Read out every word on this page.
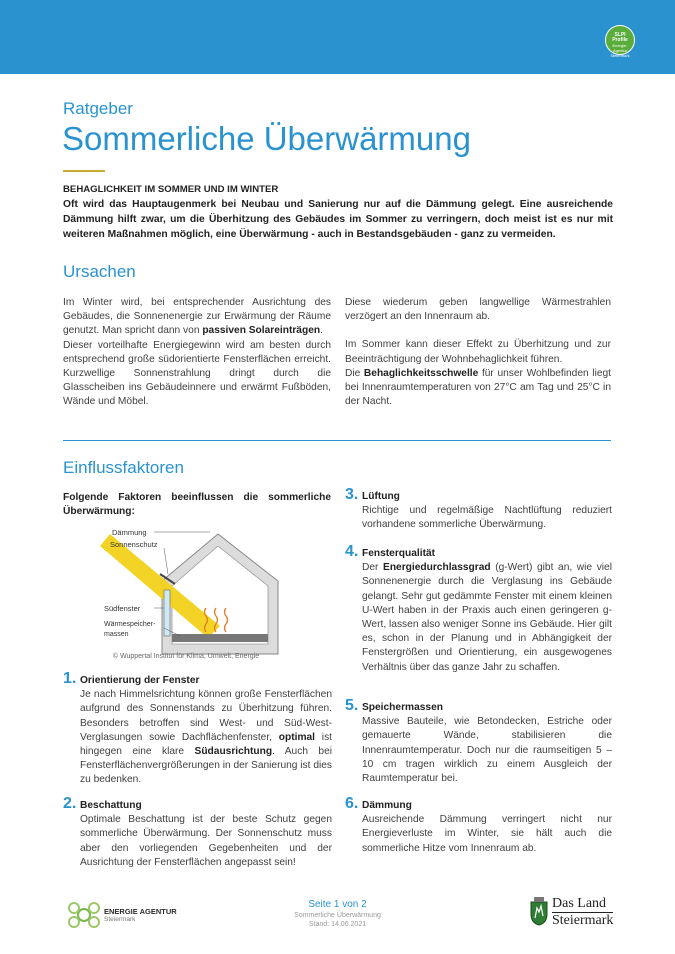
SLPI Profile
Energie-Agentur
Steiermark
Ratgeber
Sommerliche Überwärmung
BEHAGLICHKEIT IM SOMMER UND IM WINTER
Oft wird das Hauptaugenmerk bei Neubau und Sanierung nur auf die Dämmung gelegt. Eine ausreichende Dämmung hilft zwar, um die Überhitzung des Gebäudes im Sommer zu verringern, doch meist ist es nur mit weiteren Maßnahmen möglich, eine Überwärmung - auch in Bestandsgebäuden - ganz zu vermeiden.
Ursachen
Im Winter wird, bei entsprechender Ausrichtung des Gebäudes, die Sonnenenergie zur Erwärmung der Räume genutzt. Man spricht dann von passiven Solareinträgen.
Dieser vorteilhafte Energiegewinn wird am besten durch entsprechend große südorientierte Fensterflächen erreicht. Kurzwellige Sonnenstrahlung dringt durch die Glasscheiben ins Gebäudeinnere und erwärmt Fußböden, Wände und Möbel.
Diese wiederum geben langwellige Wärmestrahlen verzögert an den Innenraum ab.
Im Sommer kann dieser Effekt zu Überhitzung und zur Beeinträchtigung der Wohnbehaglichkeit führen.
Die Behaglichkeitsschwelle für unser Wohlbefinden liegt bei Innenraumtemperaturen von 27°C am Tag und 25°C in der Nacht.
Einflussfaktoren
Folgende Faktoren beeinflussen die sommerliche Überwärmung:
Dämmung
Sonnenschutz
Südfenster
Wärmespeicher-
massen
© Wuppertal Institut für Klima, Umwelt, Energie
1. Orientierung der Fenster
Je nach Himmelsrichtung können große Fensterflächen aufgrund des Sonnenstands zu Überhitzung führen. Besonders betroffen sind West- und Süd-West-Verglasungen sowie Dachflächenfenster, optimal ist hingegen eine klare Südausrichtung. Auch bei Fensterflächenvergrößerungen in der Sanierung ist dies zu bedenken.
2. Beschattung
Optimale Beschattung ist der beste Schutz gegen sommerliche Überwärmung. Der Sonnenschutz muss aber den vorliegenden Gegebenheiten und der Ausrichtung der Fensterflächen angepasst sein!
3. Lüftung
Richtige und regelmäßige Nachtlüftung reduziert vorhandene sommerliche Überwärmung.
4. Fensterqualität
Der Energiedurchlassgrad (g-Wert) gibt an, wie viel Sonnenenergie durch die Verglasung ins Gebäude gelangt. Sehr gut gedämmte Fenster mit einem kleinen U-Wert haben in der Praxis auch einen geringeren g-Wert, lassen also weniger Sonne ins Gebäude. Hier gilt es, schon in der Planung und in Abhängigkeit der Fenstergrößen und Orientierung, ein ausgewogenes Verhältnis über das ganze Jahr zu schaffen.
5. Speichermassen
Massive Bauteile, wie Betondecken, Estriche oder gemauerte Wände, stabilisieren die Innenraumtemperatur. Doch nur die raumseitigen 5 – 10 cm tragen wirklich zu einem Ausgleich der Raumtemperatur bei.
6. Dämmung
Ausreichende Dämmung verringert nicht nur Energieverluste im Winter, sie hält auch die sommerliche Hitze vom Innenraum ab.
ENERGIE AGENTUR
Steiermark
Seite 1 von 2
Sommerliche Überwärmung
Stand: 14.06.2021
Das Land
Steiermark
